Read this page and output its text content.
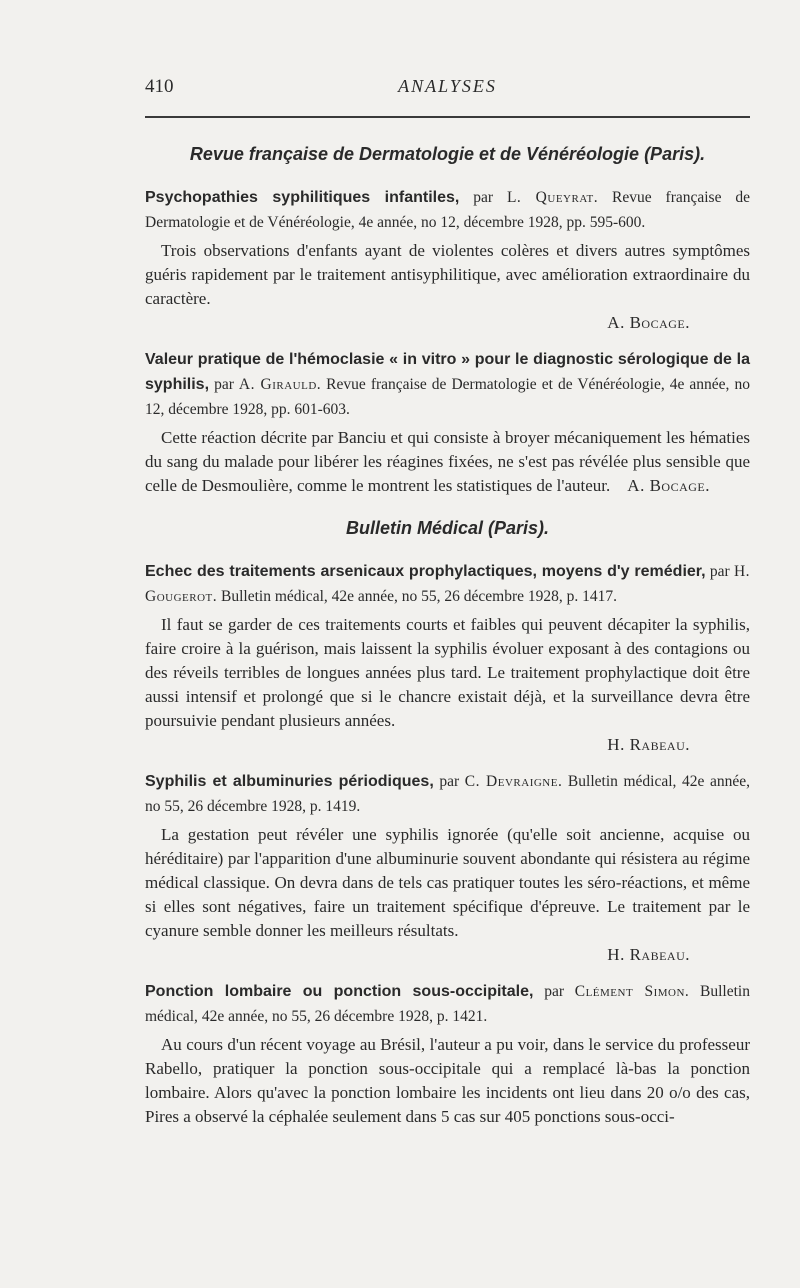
410	ANALYSES
Revue française de Dermatologie et de Vénéréologie (Paris).
Psychopathies syphilitiques infantiles, par L. Queyrat. Revue française de Dermatologie et de Vénéréologie, 4e année, no 12, décembre 1928, pp. 595-600.
Trois observations d'enfants ayant de violentes colères et divers autres symptômes guéris rapidement par le traitement antisyphilitique, avec amélioration extraordinaire du caractère.
A. Bocage.
Valeur pratique de l'hémoclasie « in vitro » pour le diagnostic sérologique de la syphilis, par A. Girauld. Revue française de Dermatologie et de Vénéréologie, 4e année, no 12, décembre 1928, pp. 601-603.
Cette réaction décrite par Banciu et qui consiste à broyer mécaniquement les hématies du sang du malade pour libérer les réagines fixées, ne s'est pas révélée plus sensible que celle de Desmoulière, comme le montrent les statistiques de l'auteur.	A. Bocage.
Bulletin Médical (Paris).
Echec des traitements arsenicaux prophylactiques, moyens d'y remédier, par H. Gougerot. Bulletin médical, 42e année, no 55, 26 décembre 1928, p. 1417.
Il faut se garder de ces traitements courts et faibles qui peuvent décapiter la syphilis, faire croire à la guérison, mais laissent la syphilis évoluer exposant à des contagions ou des réveils terribles de longues années plus tard. Le traitement prophylactique doit être aussi intensif et prolongé que si le chancre existait déjà, et la surveillance devra être poursuivie pendant plusieurs années.
H. Rabeau.
Syphilis et albuminuries périodiques, par C. Devraigne. Bulletin médical, 42e année, no 55, 26 décembre 1928, p. 1419.
La gestation peut révéler une syphilis ignorée (qu'elle soit ancienne, acquise ou héréditaire) par l'apparition d'une albuminurie souvent abondante qui résistera au régime médical classique. On devra dans de tels cas pratiquer toutes les séro-réactions, et même si elles sont négatives, faire un traitement spécifique d'épreuve. Le traitement par le cyanure semble donner les meilleurs résultats.
H. Rabeau.
Ponction lombaire ou ponction sous-occipitale, par Clément Simon. Bulletin médical, 42e année, no 55, 26 décembre 1928, p. 1421.
Au cours d'un récent voyage au Brésil, l'auteur a pu voir, dans le service du professeur Rabello, pratiquer la ponction sous-occipitale qui a remplacé là-bas la ponction lombaire. Alors qu'avec la ponction lombaire les incidents ont lieu dans 20 o/o des cas, Pires a observé la céphalée seulement dans 5 cas sur 405 ponctions sous-occi-
